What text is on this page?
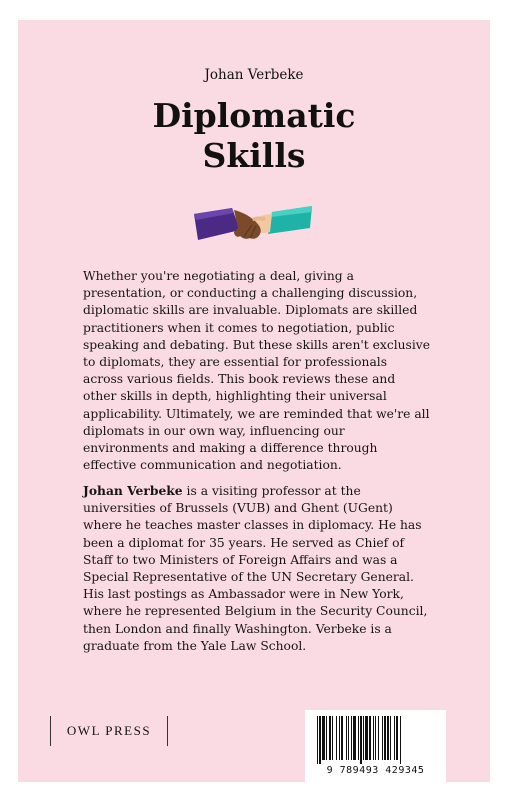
Johan Verbeke
Diplomatic
Skills

Whether you're negotiating a deal, giving a presentation, or conducting a challenging discussion, diplomatic skills are invaluable. Diplomats are skilled practitioners when it comes to negotiation, public speaking and debating. But these skills aren't exclusive to diplomats, they are essential for professionals across various fields. This book reviews these and other skills in depth, highlighting their universal applicability. Ultimately, we are reminded that we're all diplomats in our own way, influencing our environments and making a difference through effective communication and negotiation.

Johan Verbeke is a visiting professor at the universities of Brussels (VUB) and Ghent (UGent) where he teaches master classes in diplomacy. He has been a diplomat for 35 years. He served as Chief of Staff to two Ministers of Foreign Affairs and was a Special Representative of the UN Secretary General. His last postings as Ambassador were in New York, where he represented Belgium in the Security Council, then London and finally Washington. Verbeke is a graduate from the Yale Law School.

OWL PRESS
9 789493 429345
